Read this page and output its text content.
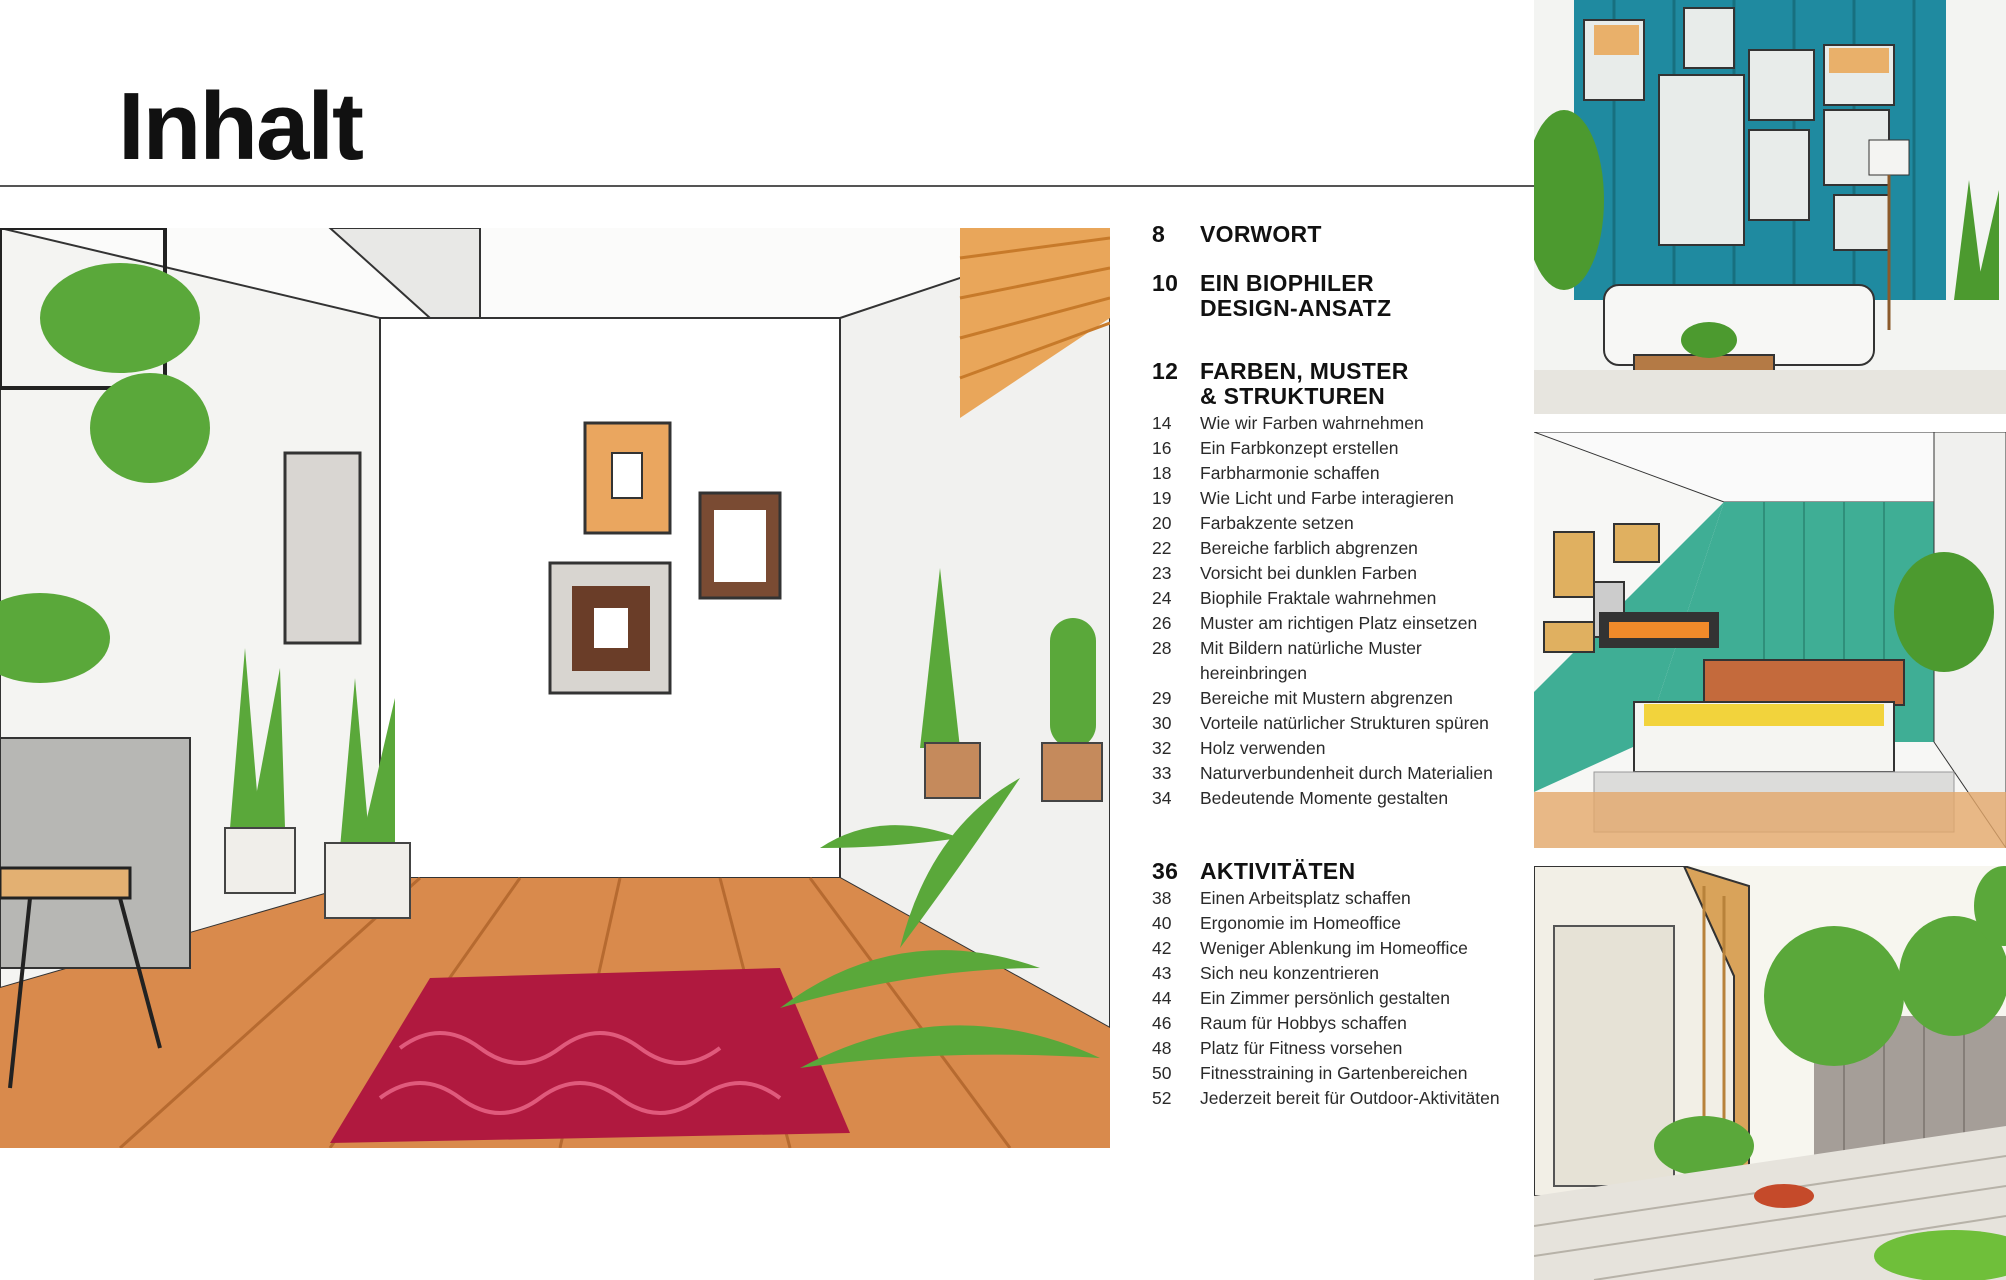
Inhalt
8	VORWORT
10 EIN BIOPHILER
DESIGN-ANSATZ
12 FARBEN, MUSTER
& STRUKTUREN
14	Wie wir Farben wahrnehmen
16	Ein Farbkonzept erstellen
18	Farbharmonie schaffen
19	Wie Licht und Farbe interagieren
20	Farbakzente setzen
22	Bereiche farblich abgrenzen
23	Vorsicht bei dunklen Farben
24	Biophile Fraktale wahrnehmen
26	Muster am richtigen Platz einsetzen
28	Mit Bildern natürliche Muster
hereinbringen
29	Bereiche mit Mustern abgrenzen
30	Vorteile natürlicher Strukturen spüren
32	Holz verwenden
33	Naturverbundenheit durch Materialien
34	Bedeutende Momente gestalten
36 AKTIVITÄTEN
38	Einen Arbeitsplatz schaffen
40	Ergonomie im Homeoffice
42	Weniger Ablenkung im Homeoffice
43	Sich neu konzentrieren
44	Ein Zimmer persönlich gestalten
46	Raum für Hobbys schaffen
48	Platz für Fitness vorsehen
50	Fitnesstraining in Gartenbereichen
52	Jederzeit bereit für Outdoor-Aktivitäten
